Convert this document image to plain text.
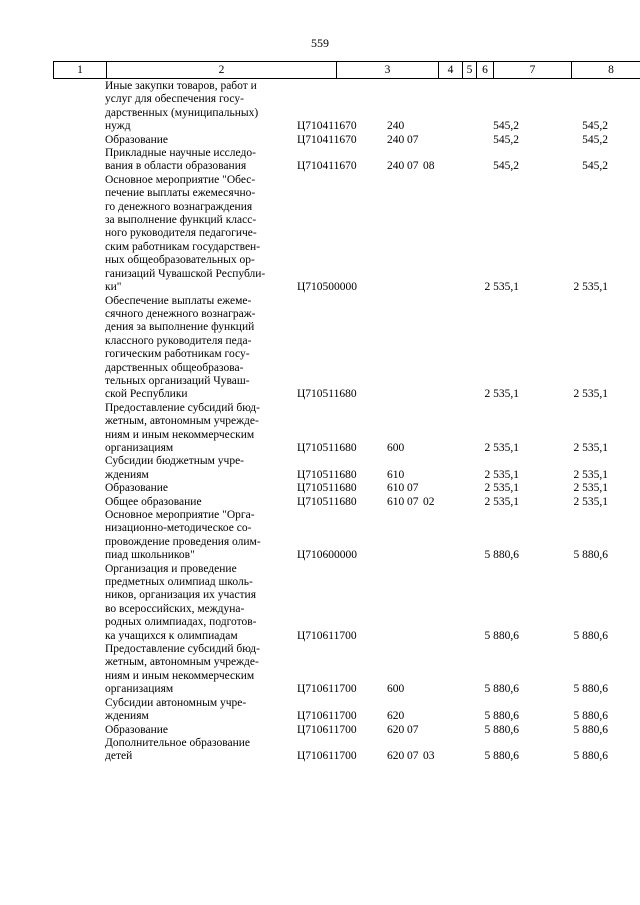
559
1	2	3	4	5	6	7	8
Иные закупки товаров, работ и
услуг для обеспечения госу-
дарственных (муниципальных)
нужд	Ц710411670	240	545,2	545,2
Образование	Ц710411670	240 07	545,2	545,2
Прикладные научные исследо-
вания в области образования	Ц710411670	240 07 08	545,2	545,2
Основное мероприятие "Обес-
печение выплаты ежемесячно-
го денежного вознаграждения
за выполнение функций класс-
ного руководителя педагогиче-
ским работникам государствен-
ных общеобразовательных ор-
ганизаций Чувашской Республи-
ки"	Ц710500000	2 535,1	2 535,1
Обеспечение выплаты ежеме-
сячного денежного вознаграж-
дения за выполнение функций
классного руководителя педа-
гогическим работникам госу-
дарственных общеобразова-
тельных организаций Чуваш-
ской Республики	Ц710511680	2 535,1	2 535,1
Предоставление субсидий бюд-
жетным, автономным учрежде-
ниям и иным некоммерческим
организациям	Ц710511680	600	2 535,1	2 535,1
Субсидии бюджетным учре-
ждениям	Ц710511680	610	2 535,1	2 535,1
Образование	Ц710511680	610 07	2 535,1	2 535,1
Общее образование	Ц710511680	610 07 02	2 535,1	2 535,1
Основное мероприятие "Орга-
низационно-методическое со-
провождение проведения олим-
пиад школьников"	Ц710600000	5 880,6	5 880,6
Организация и проведение
предметных олимпиад школь-
ников, организация их участия
во всероссийских, междуна-
родных олимпиадах, подготов-
ка учащихся к олимпиадам	Ц710611700	5 880,6	5 880,6
Предоставление субсидий бюд-
жетным, автономным учрежде-
ниям и иным некоммерческим
организациям	Ц710611700	600	5 880,6	5 880,6
Субсидии автономным учре-
ждениям	Ц710611700	620	5 880,6	5 880,6
Образование	Ц710611700	620 07	5 880,6	5 880,6
Дополнительное образование
детей	Ц710611700	620 07 03	5 880,6	5 880,6
